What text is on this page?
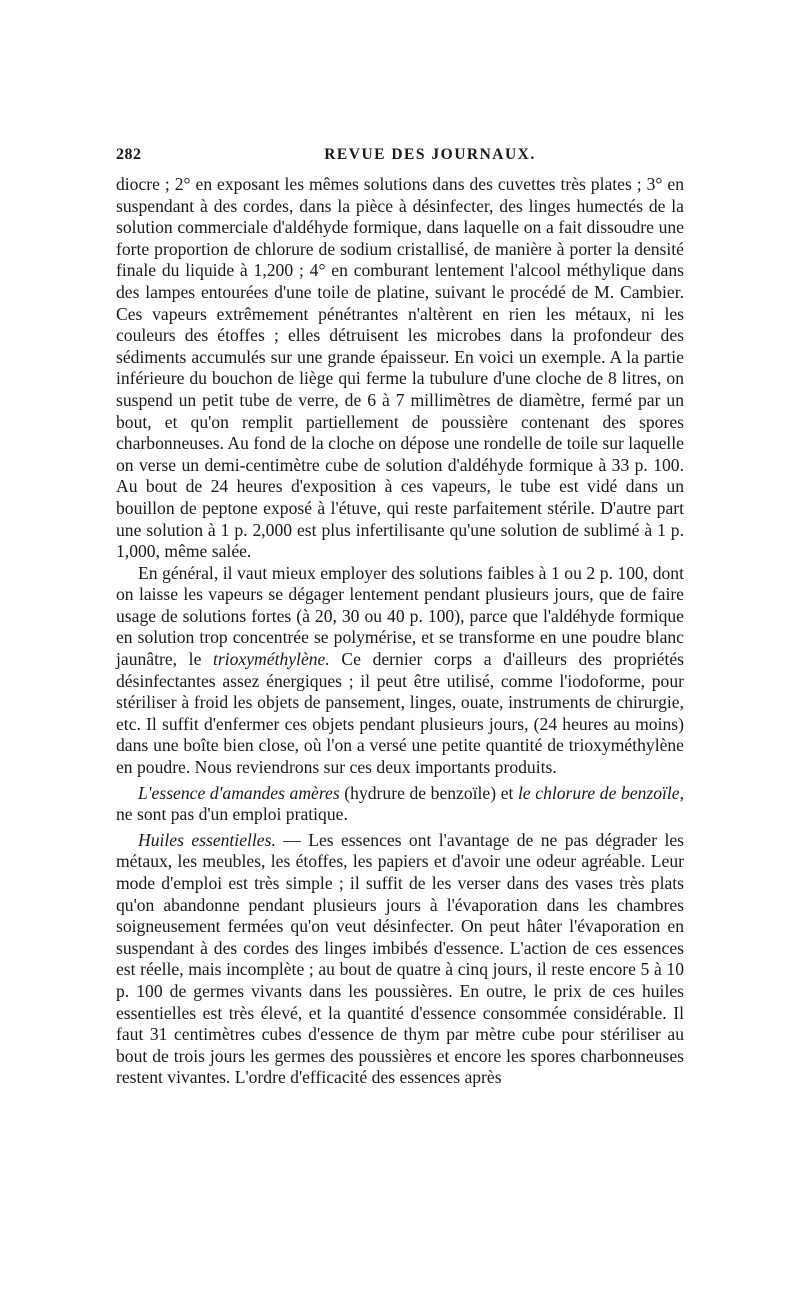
282	REVUE DES JOURNAUX.

diocre ; 2° en exposant les mêmes solutions dans des cuvettes très plates ; 3° en suspendant à des cordes, dans la pièce à désinfecter, des linges humectés de la solution commerciale d'aldéhyde formique, dans laquelle on a fait dissoudre une forte proportion de chlorure de sodium cristallisé, de manière à porter la densité finale du liquide à 1,200 ; 4° en comburant lentement l'alcool méthylique dans des lampes entourées d'une toile de platine, suivant le procédé de M. Cambier. Ces vapeurs extrêmement pénétrantes n'altèrent en rien les métaux, ni les couleurs des étoffes ; elles détruisent les microbes dans la profondeur des sédiments accumulés sur une grande épaisseur. En voici un exemple. A la partie inférieure du bouchon de liège qui ferme la tubulure d'une cloche de 8 litres, on suspend un petit tube de verre, de 6 à 7 millimètres de diamètre, fermé par un bout, et qu'on remplit partiellement de poussière contenant des spores charbonneuses. Au fond de la cloche on dépose une rondelle de toile sur laquelle on verse un demi-centimètre cube de solution d'aldéhyde formique à 33 p. 100. Au bout de 24 heures d'exposition à ces vapeurs, le tube est vidé dans un bouillon de peptone exposé à l'étuve, qui reste parfaitement stérile. D'autre part une solution à 1 p. 2,000 est plus infertilisante qu'une solution de sublimé à 1 p. 1,000, même salée.

En général, il vaut mieux employer des solutions faibles à 1 ou 2 p. 100, dont on laisse les vapeurs se dégager lentement pendant plusieurs jours, que de faire usage de solutions fortes (à 20, 30 ou 40 p. 100), parce que l'aldéhyde formique en solution trop concentrée se polymérise, et se transforme en une poudre blanc jaunâtre, le trioxyméthylène. Ce dernier corps a d'ailleurs des propriétés désinfectantes assez énergiques ; il peut être utilisé, comme l'iodoforme, pour stériliser à froid les objets de pansement, linges, ouate, instruments de chirurgie, etc. Il suffit d'enfermer ces objets pendant plusieurs jours, (24 heures au moins) dans une boîte bien close, où l'on a versé une petite quantité de trioxyméthylène en poudre. Nous reviendrons sur ces deux importants produits.

L'essence d'amandes amères (hydrure de benzoïle) et le chlorure de benzoïle, ne sont pas d'un emploi pratique.

Huiles essentielles. — Les essences ont l'avantage de ne pas dégrader les métaux, les meubles, les étoffes, les papiers et d'avoir une odeur agréable. Leur mode d'emploi est très simple ; il suffit de les verser dans des vases très plats qu'on abandonne pendant plusieurs jours à l'évaporation dans les chambres soigneusement fermées qu'on veut désinfecter. On peut hâter l'évaporation en suspendant à des cordes des linges imbibés d'essence. L'action de ces essences est réelle, mais incomplète ; au bout de quatre à cinq jours, il reste encore 5 à 10 p. 100 de germes vivants dans les poussières. En outre, le prix de ces huiles essentielles est très élevé, et la quantité d'essence consommée considérable. Il faut 31 centimètres cubes d'essence de thym par mètre cube pour stériliser au bout de trois jours les germes des poussières et encore les spores charbonneuses restent vivantes. L'ordre d'efficacité des essences après
